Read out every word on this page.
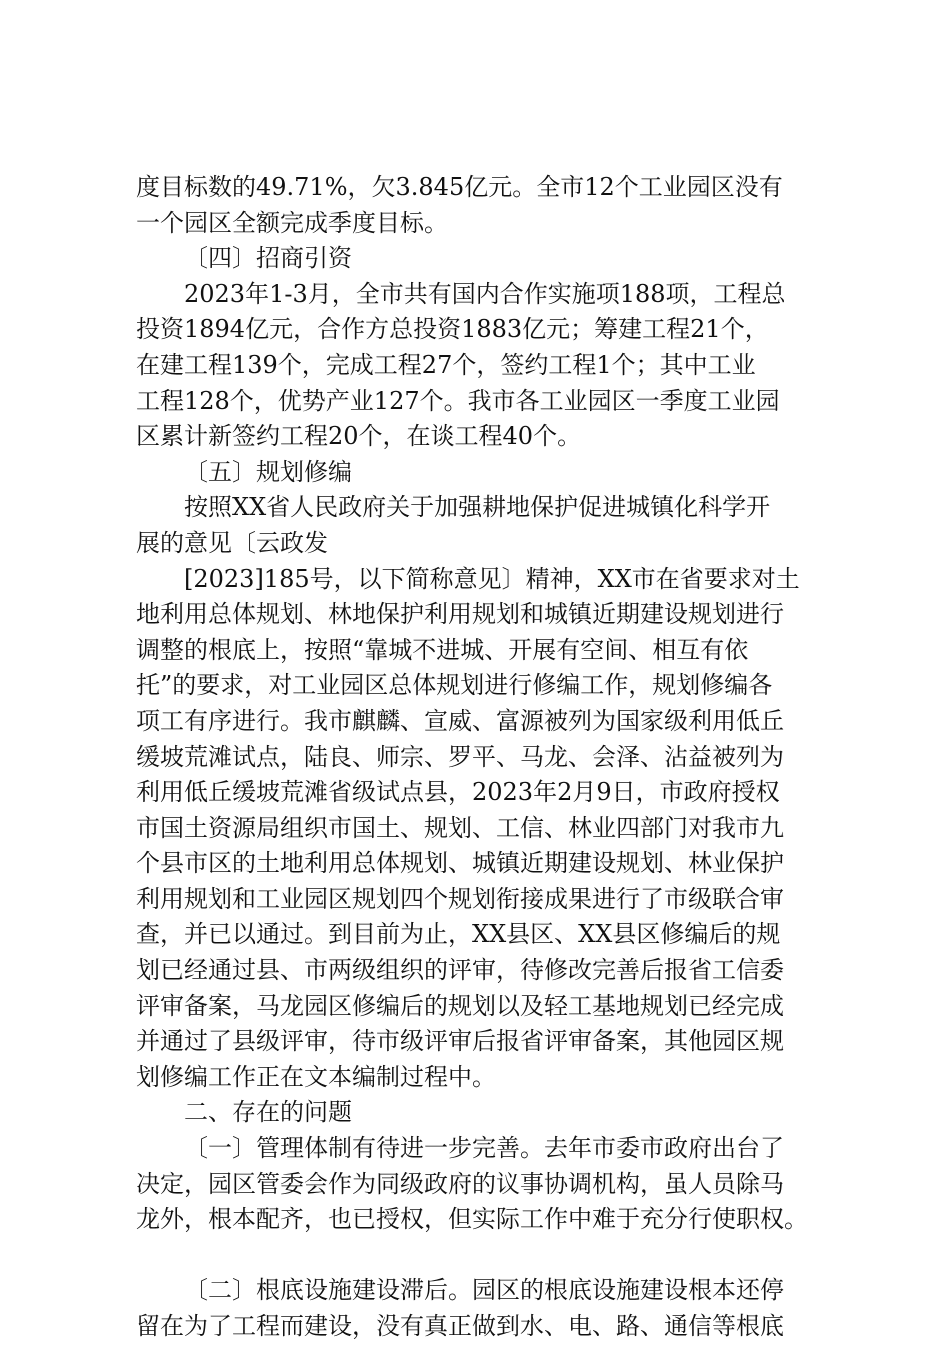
度目标数的49.71%，欠3.845亿元。全市12个工业园区没有
一个园区全额完成季度目标。
〔四〕招商引资
2023年1-3月，全市共有国内合作实施项188项，工程总
投资1894亿元，合作方总投资1883亿元；筹建工程21个，
在建工程139个，完成工程27个，签约工程1个；其中工业
工程128个，优势产业127个。我市各工业园区一季度工业园
区累计新签约工程20个，在谈工程40个。
〔五〕规划修编
按照XX省人民政府关于加强耕地保护促进城镇化科学开
展的意见〔云政发
[2023]185号，以下简称意见〕精神，XX市在省要求对土
地利用总体规划、林地保护利用规划和城镇近期建设规划进行
调整的根底上，按照“靠城不进城、开展有空间、相互有依
托”的要求，对工业园区总体规划进行修编工作，规划修编各
项工有序进行。我市麒麟、宣威、富源被列为国家级利用低丘
缓坡荒滩试点，陆良、师宗、罗平、马龙、会泽、沾益被列为
利用低丘缓坡荒滩省级试点县，2023年2月9日，市政府授权
市国土资源局组织市国土、规划、工信、林业四部门对我市九
个县市区的土地利用总体规划、城镇近期建设规划、林业保护
利用规划和工业园区规划四个规划衔接成果进行了市级联合审
查，并已以通过。到目前为止，XX县区、XX县区修编后的规
划已经通过县、市两级组织的评审，待修改完善后报省工信委
评审备案，马龙园区修编后的规划以及轻工基地规划已经完成
并通过了县级评审，待市级评审后报省评审备案，其他园区规
划修编工作正在文本编制过程中。
二、存在的问题
〔一〕管理体制有待进一步完善。去年市委市政府出台了
决定，园区管委会作为同级政府的议事协调机构，虽人员除马
龙外，根本配齐，也已授权，但实际工作中难于充分行使职权。
〔二〕根底设施建设滞后。园区的根底设施建设根本还停
留在为了工程而建设，没有真正做到水、电、路、通信等根底
